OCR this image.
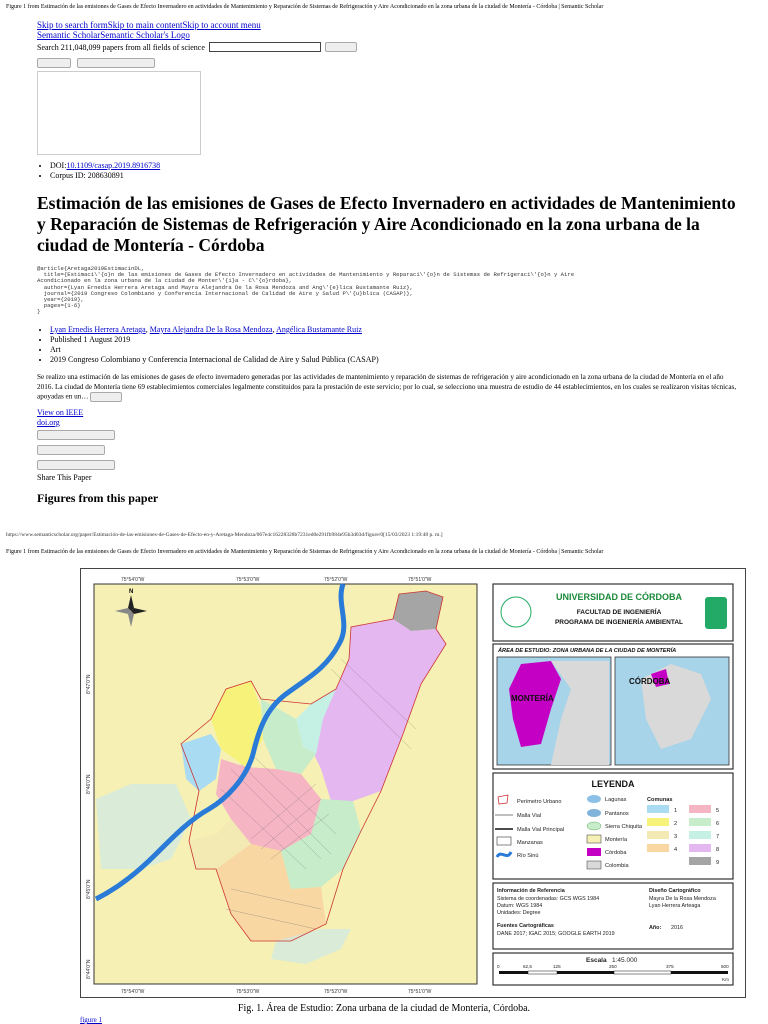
Figure 1 from Estimación de las emisiones de Gases de Efecto Invernadero en actividades de Mantenimiento y Reparación de Sistemas de Refrigeración y Aire Acondicionado en la zona urbana de la ciudad de Montería - Córdoba | Semantic Scholar
Skip to search formSkip to main contentSkip to account menu
Semantic ScholarSemantic Scholar's Logo
Search 211,048,099 papers from all fields of science
• DOI:10.1109/casap.2019.8916738
• Corpus ID: 208630891
Estimación de las emisiones de Gases de Efecto Invernadero en actividades de Mantenimiento y Reparación de Sistemas de Refrigeración y Aire Acondicionado en la zona urbana de la ciudad de Montería - Córdoba
@article{Aretaga2019EstimacinDL,
title={Estimaci\'{o}n de las emisiones de Gases de Efecto Invernadero en actividades de Mantenimiento y Reparaci\'{o}n de Sistemas de Refrigeraci\'{o}n y Aire
Acondicionado en la zona urbana de la ciudad de Monter\'{i}a - C\'{o}rdoba},
author={Lyan Ernedis Herrera Aretaga and Mayra Alejandra De la Rosa Mendoza and Ang\'{e}lica Bustamante Ruiz},
journal={2019 Congreso Colombiano y Conferencia Internacional de Calidad de Aire y Salud P\'{u}blica (CASAP)},
year={2019},
pages={1-6}
}
• Lyan Ernedis Herrera Aretaga, Mayra Alejandra De la Rosa Mendoza, Angélica Bustamante Ruiz
• Published 1 August 2019
• Art
• 2019 Congreso Colombiano y Conferencia Internacional de Calidad de Aire y Salud Pública (CASAP)
Se realizo una estimación de las emisiones de gases de efecto invernadero generadas por las actividades de mantenimiento y reparación de sistemas de refrigeración y aire acondicionado en la zona urbana de la ciudad de Montería en el año 2016. La ciudad de Montería tiene 69 establecimientos comerciales legalmente constituidos para la prestación de este servicio; por lo cual, se selecciono una muestra de estudio de 44 establecimientos, en los cuales se realizaron visitas técnicas, apoyadas en un…
View on IEEE
doi.org
Share This Paper
Figures from this paper
https://www.semanticscholar.org/paper/Estimación-de-las-emisiones-de-Gases-de-Efecto-en-y-Aretaga-Mendoza/067e4c16228328b7231ed0e291fb984e95b3d03d/figure/0[15/03/2023 1:19:48 p. m.]
Figure 1 from Estimación de las emisiones de Gases de Efecto Invernadero en actividades de Mantenimiento y Reparación de Sistemas de Refrigeración y Aire Acondicionado en la zona urbana de la ciudad de Montería - Córdoba | Semantic Scholar
75°54'0"W	75°53'0"W	75°52'0"W	75°51'0"W
75°54'0"W	75°53'0"W	75°52'0"W	75°51'0"W
8°47'0"N
8°46'0"N
8°45'0"N
8°44'0"N
N	UNIVERSIDAD DE CÓRDOBA
FACULTAD DE INGENIERÍA
PROGRAMA DE INGENIERÍA AMBIENTAL
ÁREA DE ESTUDIO: ZONA URBANA DE LA CIUDAD DE MONTERÍA
MONTERÍA
CÓRDOBA
LEYENDA
Perímetro Urbano
Malla Vial
Malla Vial Principal
Manzanas
Río Sinú
Lagunas
Pantanos
Sierra Chiquita
Montería
Córdoba
Colombia
Comunas
1
2
3
4
5
6
7
8
9
Información de Referencia
Sistema de coordenadas: GCS WGS 1984
Datum: WGS 1984
Unidades: Degree
Fuentes Cartográficas
DANE 2017; IGAC 2015; GOOGLE EARTH 2019
Diseño Cartográfico
Mayra De la Rosa Mendoza
Lyan Herrera Arteaga
Año: 2016
Escala 1:45.000
0	62,5	125	250	375	500
Km
Fig. 1. Área de Estudio: Zona urbana de la ciudad de Montería, Córdoba.
figure 1
